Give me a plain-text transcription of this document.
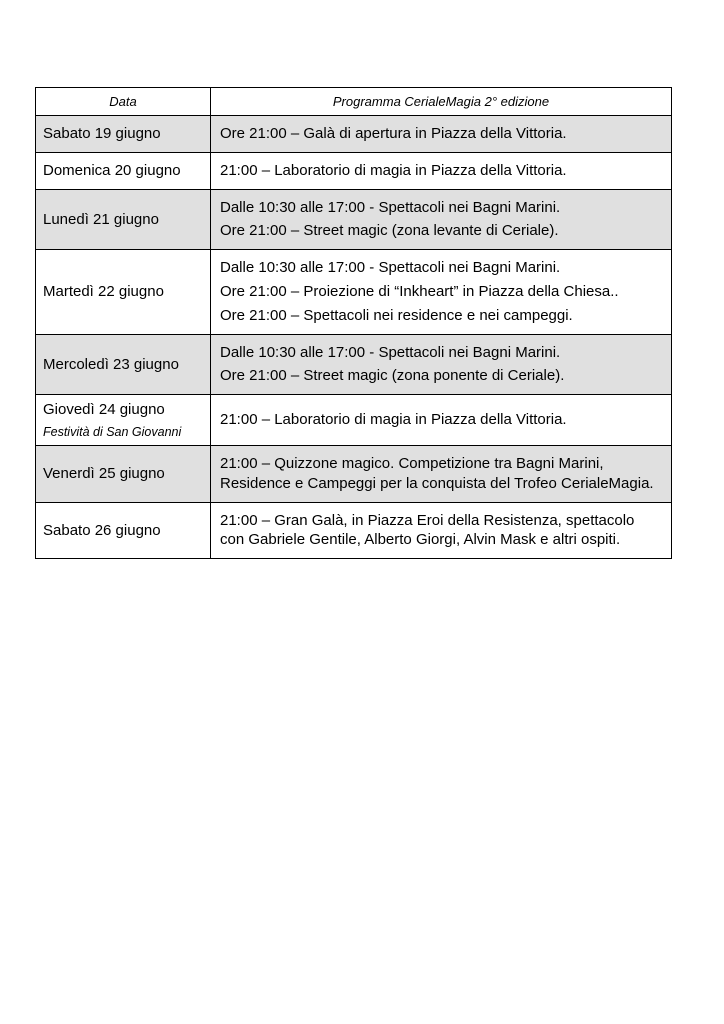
Data	Programma CerialeMagia 2° edizione

Sabato 19 giugno	Ore 21:00 – Galà di apertura in Piazza della Vittoria.

Domenica 20 giugno	21:00 – Laboratorio di magia in Piazza della Vittoria.

Lunedì 21 giugno	Dalle 10:30 alle 17:00 - Spettacoli nei Bagni Marini.
Ore 21:00 – Street magic (zona levante di Ceriale).

Martedì 22 giugno	Dalle 10:30 alle 17:00 - Spettacoli nei Bagni Marini.
Ore 21:00 – Proiezione di “Inkheart” in Piazza della Chiesa..
Ore 21:00 – Spettacoli nei residence e nei campeggi.

Mercoledì 23 giugno	Dalle 10:30 alle 17:00 - Spettacoli nei Bagni Marini.
Ore 21:00 – Street magic (zona ponente di Ceriale).

Giovedì 24 giugno
Festività di San Giovanni	21:00 – Laboratorio di magia in Piazza della Vittoria.

Venerdì 25 giugno	21:00 – Quizzone magico. Competizione tra Bagni Marini, Residence e Campeggi per la conquista del Trofeo CerialeMagia.

Sabato 26 giugno	21:00 – Gran Galà, in Piazza Eroi della Resistenza, spettacolo con Gabriele Gentile, Alberto Giorgi, Alvin Mask e altri ospiti.
